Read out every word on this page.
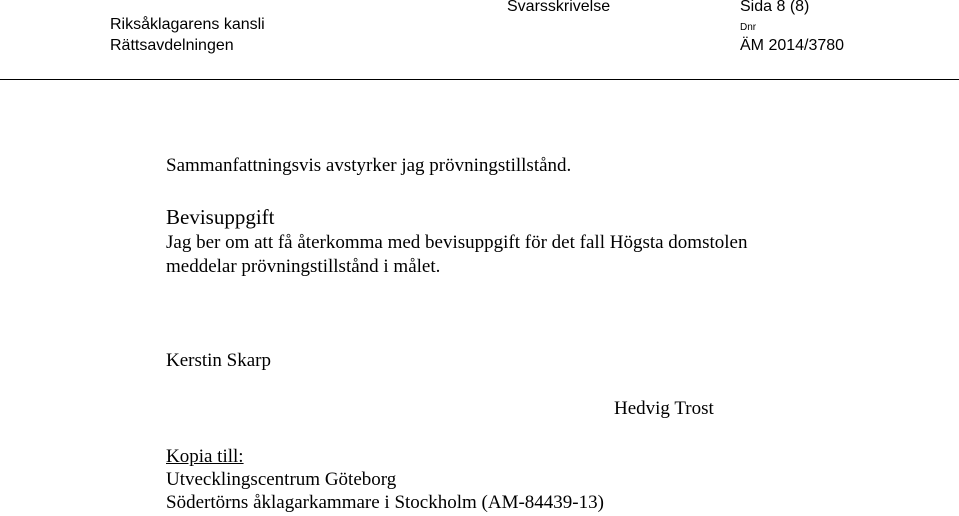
Riksåklagarens kansli
Rättsavdelningen
Svarsskrivelse	Sida 8 (8)
Dnr
ÄM 2014/3780
Sammanfattningsvis avstyrker jag prövningstillstånd.
Bevisuppgift
Jag ber om att få återkomma med bevisuppgift för det fall Högsta domstolen
meddelar prövningstillstånd i målet.
Kerstin Skarp
Hedvig Trost
Kopia till:
Utvecklingscentrum Göteborg
Södertörns åklagarkammare i Stockholm (AM-84439-13)
